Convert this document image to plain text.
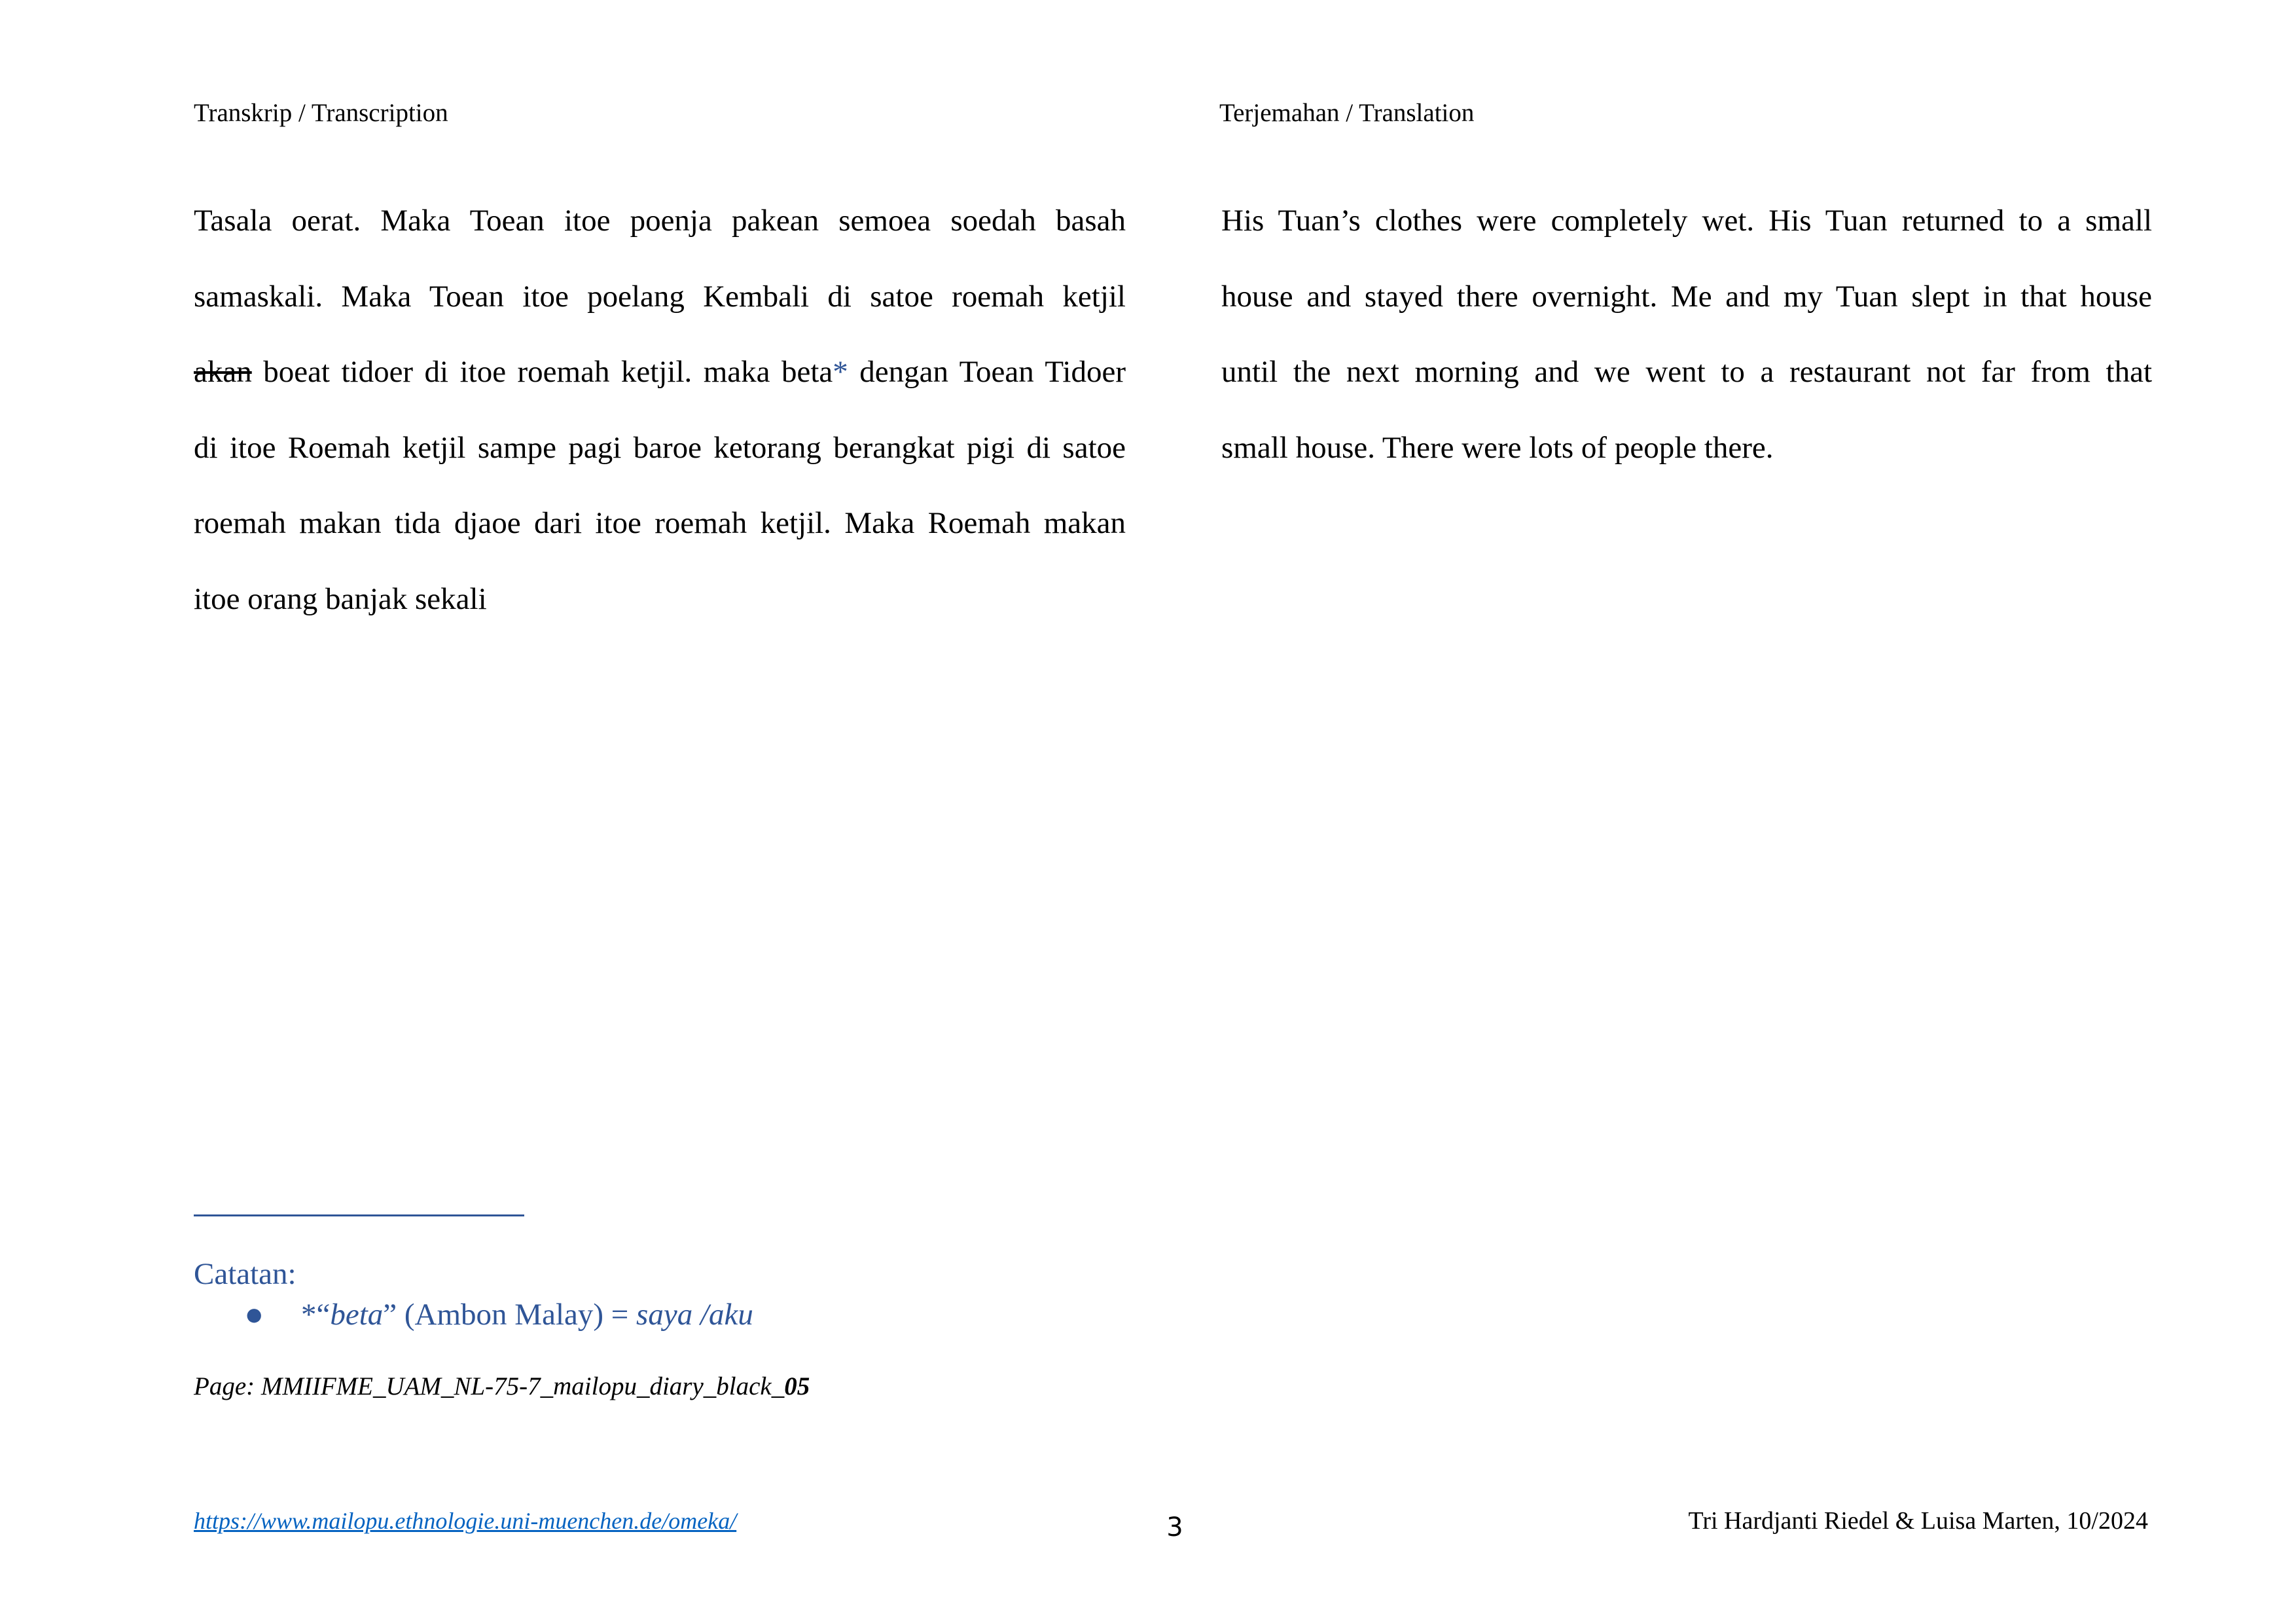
Transkrip / Transcription	Terjemahan / Translation
Tasala oerat. Maka Toean itoe poenja pakean semoea soedah basah
samaskali. Maka Toean itoe poelang Kembali di satoe roemah ketjil
akan boeat tidoer di itoe roemah ketjil. maka beta* dengan Toean Tidoer
di itoe Roemah ketjil sampe pagi baroe ketorang berangkat pigi di satoe
roemah makan tida djaoe dari itoe roemah ketjil. Maka Roemah makan
itoe orang banjak sekali
His Tuan’s clothes were completely wet. His Tuan returned to a small
house and stayed there overnight. Me and my Tuan slept in that house
until the next morning and we went to a restaurant not far from that
small house. There were lots of people there.
Catatan:
● *“beta” (Ambon Malay) = saya /aku
Page: MMIIFME_UAM_NL-75-7_mailopu_diary_black_05
https://www.mailopu.ethnologie.uni-muenchen.de/omeka/	3	Tri Hardjanti Riedel & Luisa Marten, 10/2024
